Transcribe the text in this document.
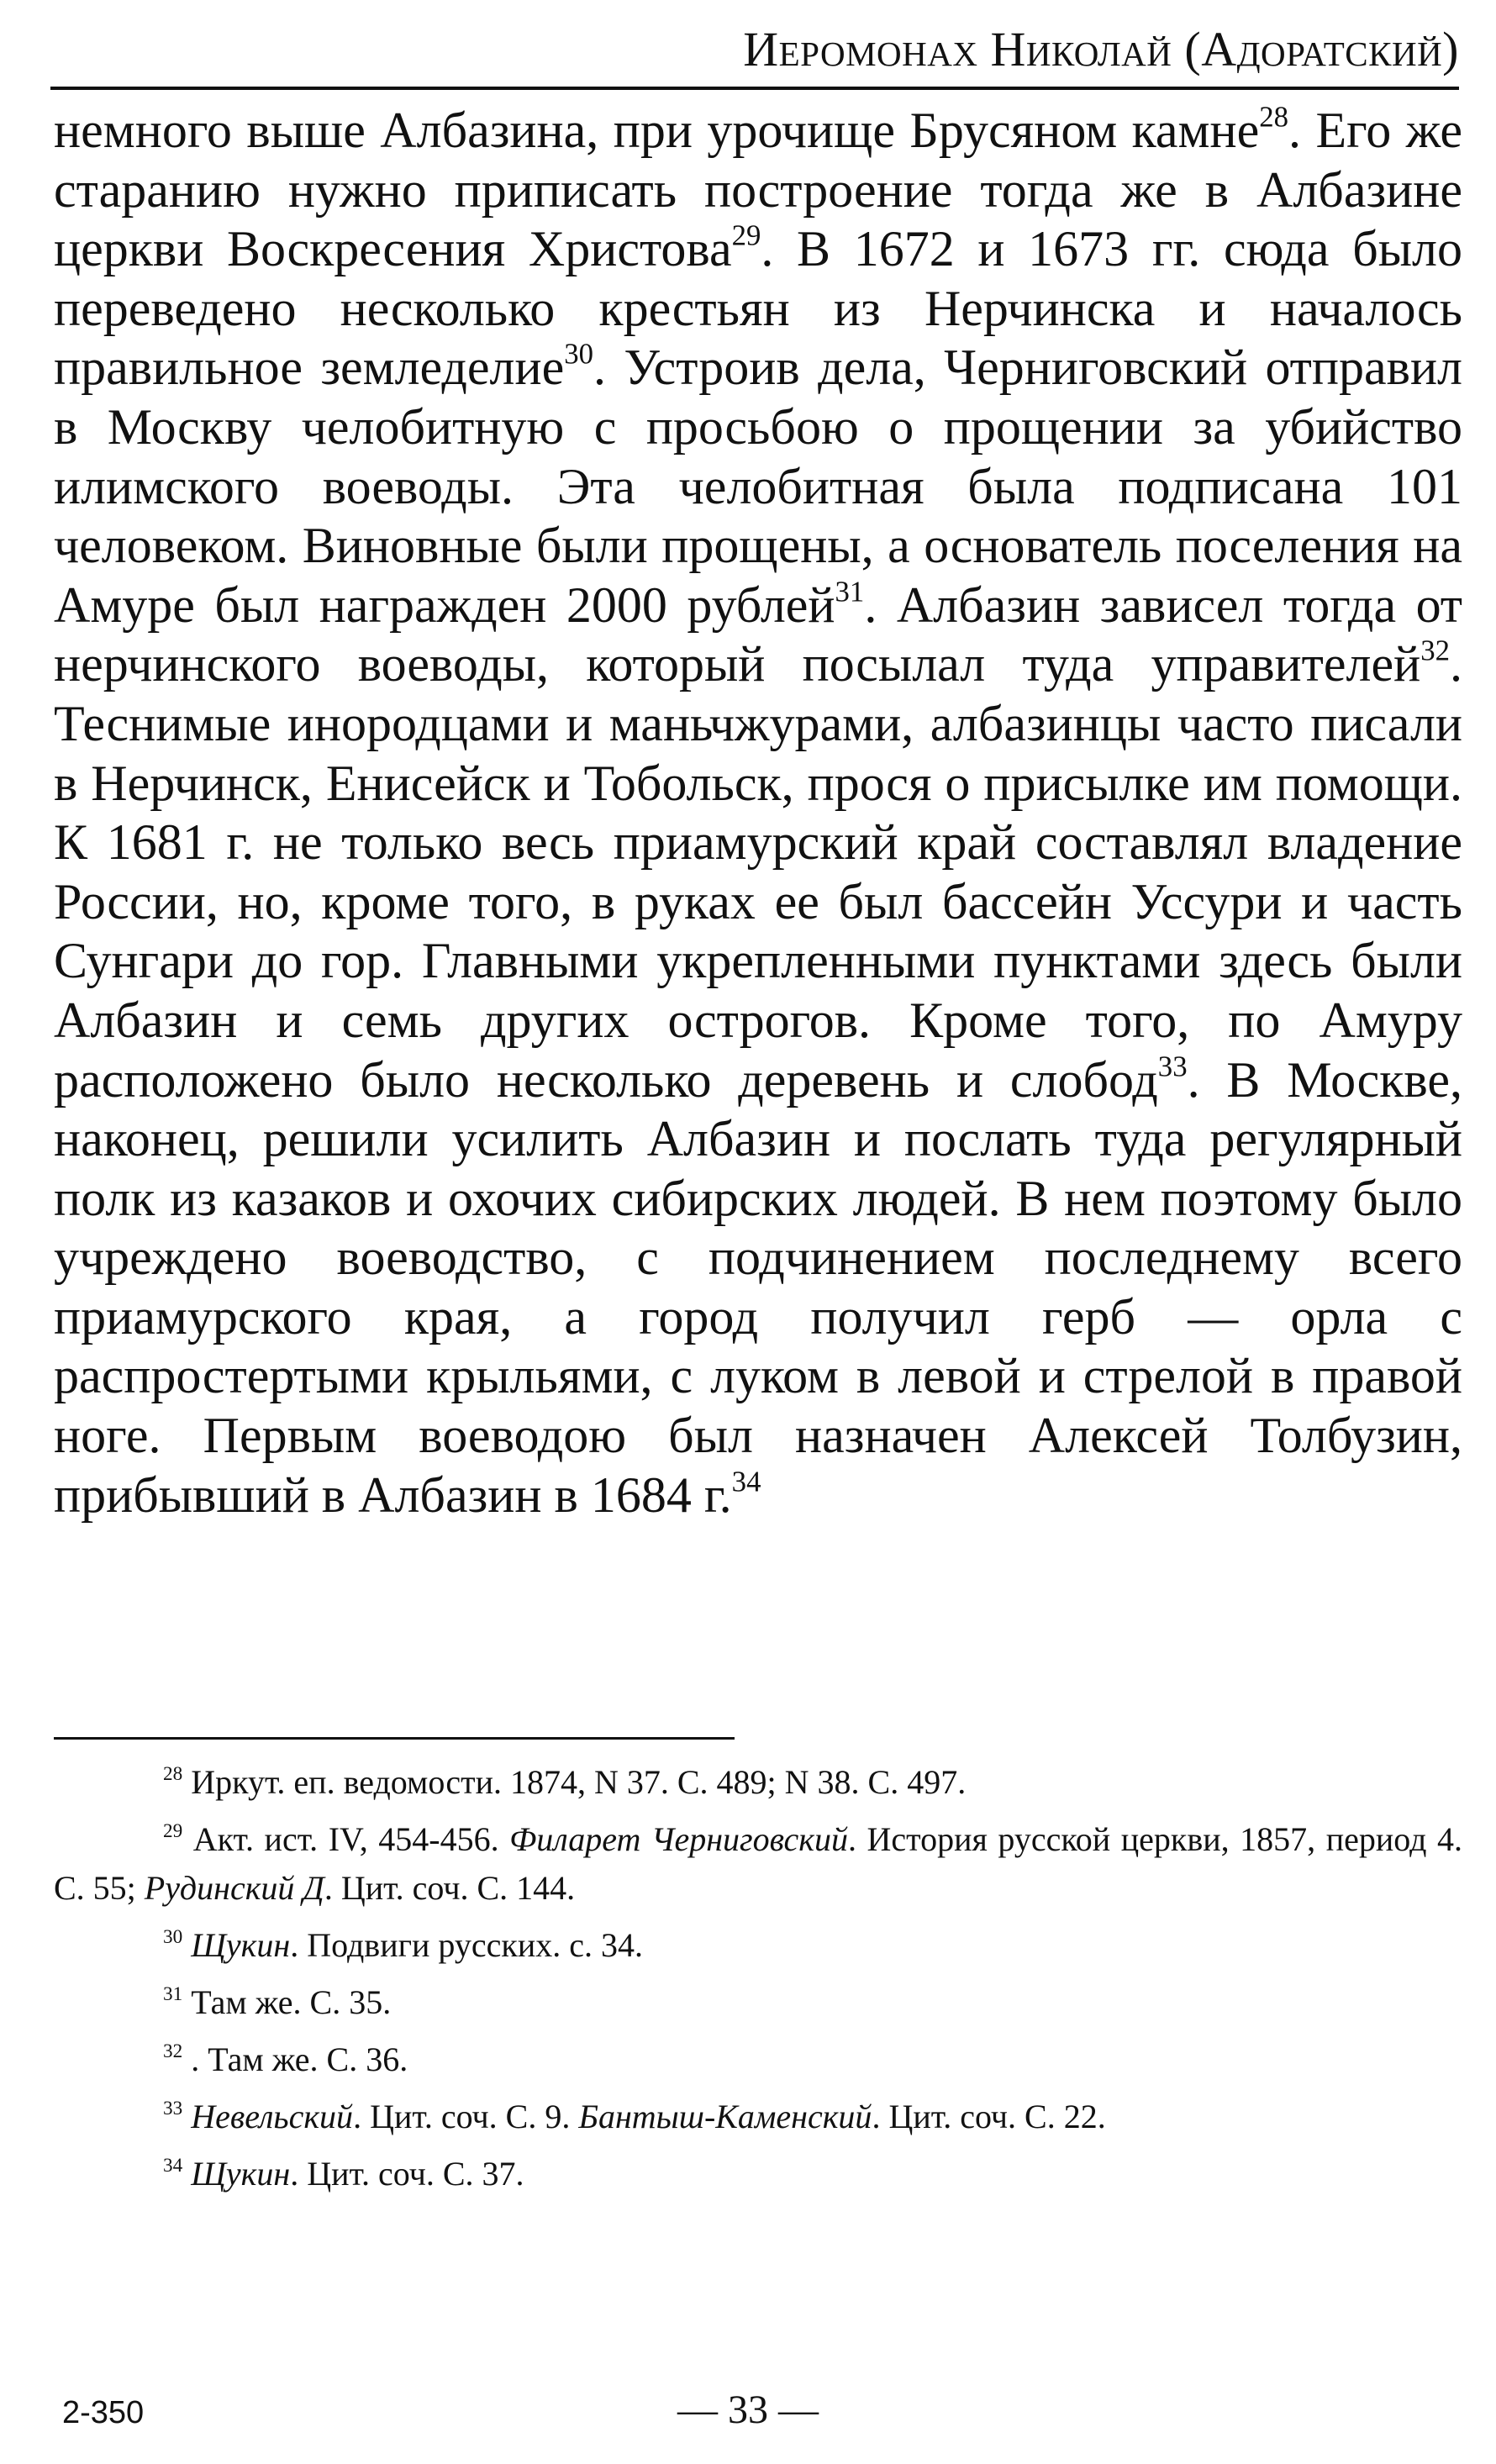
Иеромонах Николай (Адоратский)

немного выше Албазина, при урочище Брусяном камне$^{28}$. Его же старанию нужно приписать построение тогда же в Албазине церкви Воскресения Христова$^{29}$. В 1672 и 1673 гг. сюда было переведено несколько крестьян из Нерчинска и началось правильное земледелие$^{30}$. Устроив дела, Черниговский отправил в Москву челобитную с просьбою о прощении за убийство илимского воеводы. Эта челобитная была подписана 101 человеком. Виновные были прощены, а основатель поселения на Амуре был награжден 2000 рублей$^{31}$. Албазин зависел тогда от нерчинского воеводы, который посылал туда управителей$^{32}$. Теснимые инородцами и маньчжурами, албазинцы часто писали в Нерчинск, Енисейск и Тобольск, прося о присылке им помощи. К 1681 г. не только весь приамурский край составлял владение России, но, кроме того, в руках ее был бассейн Уссури и часть Сунгари до гор. Главными укрепленными пунктами здесь были Албазин и семь других острогов. Кроме того, по Амуру расположено было несколько деревень и слобод$^{33}$. В Москве, наконец, решили усилить Албазин и послать туда регулярный полк из казаков и охочих сибирских людей. В нем поэтому было учреждено воеводство, с подчинением последнему всего приамурского края, а город получил герб — орла с распростертыми крыльями, с луком в левой и стрелой в правой ноге. Первым воеводою был назначен Алексей Толбузин, прибывший в Албазин в 1684 г.$^{34}$

$^{28}$ Иркут. еп. ведомости. 1874, N 37. С. 489; N 38. С. 497.

$^{29}$ Акт. ист. IV, 454-456. Филарет Черниговский. История русской церкви, 1857, период 4. С. 55; Рудинский Д. Цит. соч. С. 144.

$^{30}$ Щукин. Подвиги русских. с. 34.

$^{31}$ Там же. С. 35.

$^{32}$ . Там же. С. 36.

$^{33}$ Невельский. Цит. соч. С. 9. Бантыш-Каменский. Цит. соч. С. 22.

$^{34}$ Щукин. Цит. соч. С. 37.

2-350	— 33 —
